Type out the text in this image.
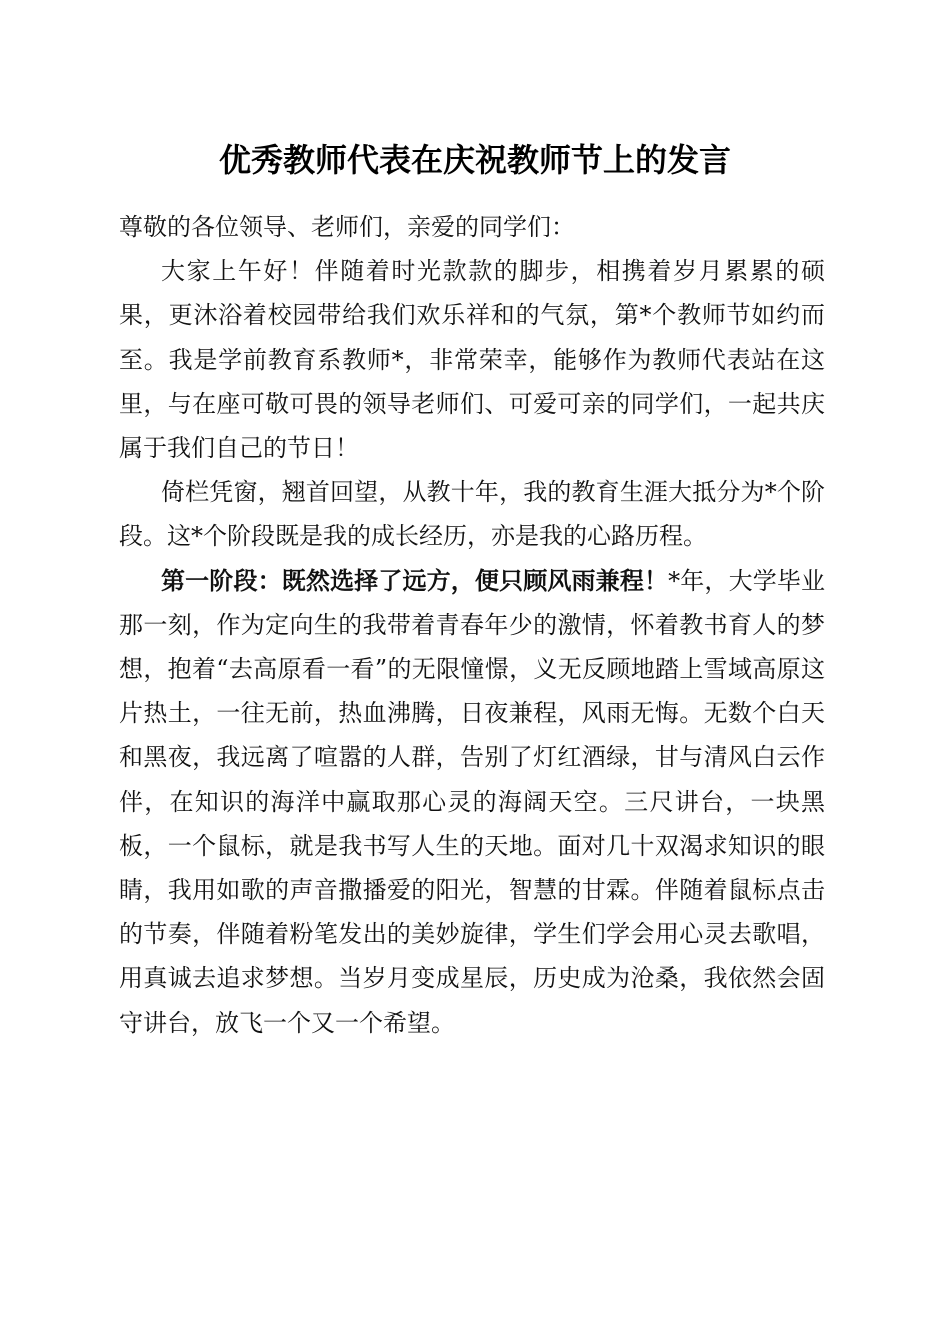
优秀教师代表在庆祝教师节上的发言

尊敬的各位领导、老师们，亲爱的同学们：

大家上午好！伴随着时光款款的脚步，相携着岁月累累的硕果，更沐浴着校园带给我们欢乐祥和的气氛，第*个教师节如约而至。我是学前教育系教师*，非常荣幸，能够作为教师代表站在这里，与在座可敬可畏的领导老师们、可爱可亲的同学们，一起共庆属于我们自己的节日！

倚栏凭窗，翘首回望，从教十年，我的教育生涯大抵分为*个阶段。这*个阶段既是我的成长经历，亦是我的心路历程。

第一阶段：既然选择了远方，便只顾风雨兼程！*年，大学毕业那一刻，作为定向生的我带着青春年少的激情，怀着教书育人的梦想，抱着“去高原看一看”的无限憧憬，义无反顾地踏上雪域高原这片热土，一往无前，热血沸腾，日夜兼程，风雨无悔。无数个白天和黑夜，我远离了喧嚣的人群，告别了灯红酒绿，甘与清风白云作伴，在知识的海洋中赢取那心灵的海阔天空。三尺讲台，一块黑板，一个鼠标，就是我书写人生的天地。面对几十双渴求知识的眼睛，我用如歌的声音撒播爱的阳光，智慧的甘霖。伴随着鼠标点击的节奏，伴随着粉笔发出的美妙旋律，学生们学会用心灵去歌唱，用真诚去追求梦想。当岁月变成星辰，历史成为沧桑，我依然会固守讲台，放飞一个又一个希望。
